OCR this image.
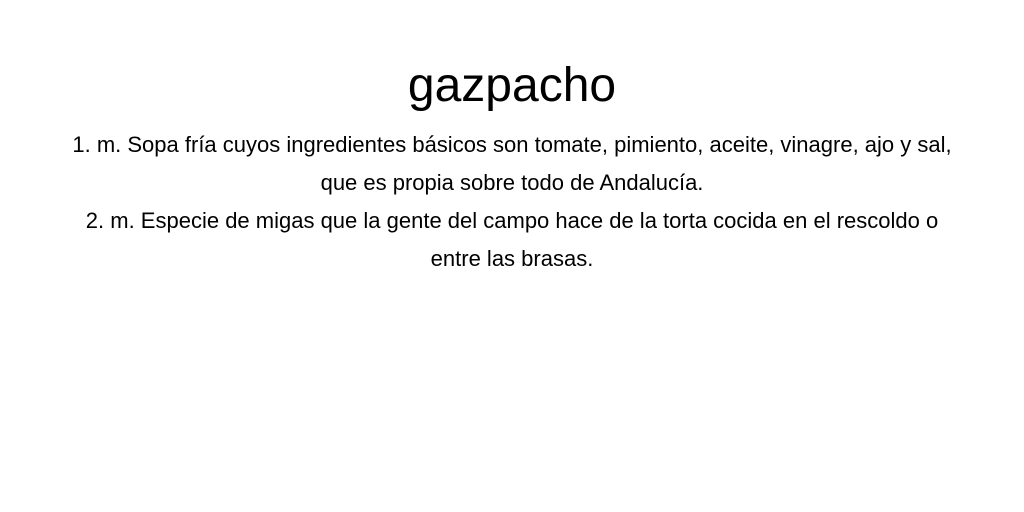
gazpacho

1. m. Sopa fría cuyos ingredientes básicos son tomate, pimiento, aceite, vinagre, ajo y sal, que es propia sobre todo de Andalucía.

2. m. Especie de migas que la gente del campo hace de la torta cocida en el rescoldo o entre las brasas.
